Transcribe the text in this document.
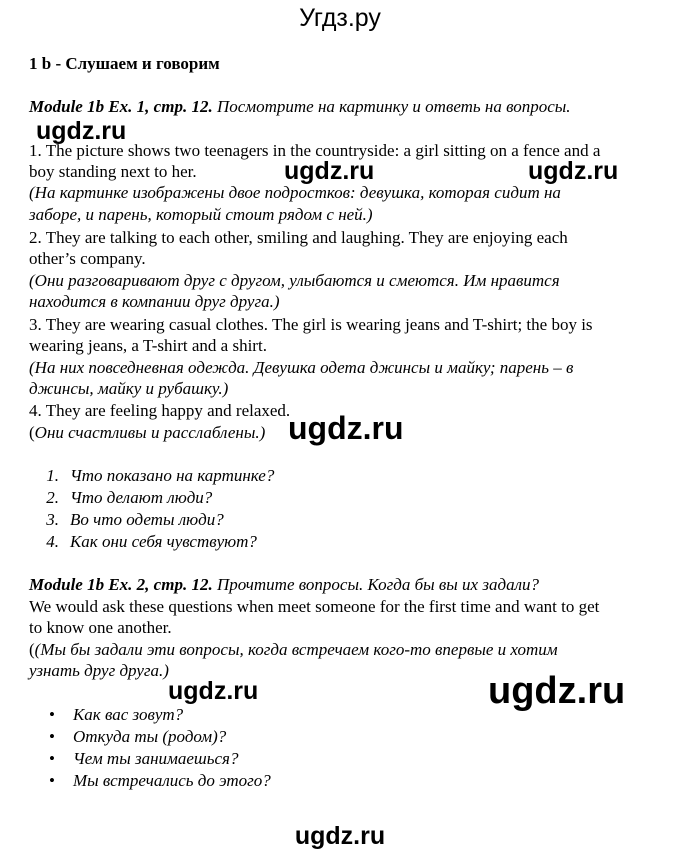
Угдз.ру
1 b - Слушаем и говорим
Module 1b Ex. 1, стр. 12. Посмотрите на картинку и ответь на вопросы.
ugdz.ru
1. The picture shows two teenagers in the countryside: a girl sitting on a fence and a
boy standing next to her.
(На картинке изображены двое подростков: девушка, которая сидит на
заборе, и парень, который стоит рядом с ней.)
2. They are talking to each other, smiling and laughing. They are enjoying each
other’s company.
(Они разговаривают друг с другом, улыбаются и смеются. Им нравится
находится в компании друг друга.)
3. They are wearing casual clothes. The girl is wearing jeans and T-shirt; the boy is
wearing jeans, a T-shirt and a shirt.
(На них повседневная одежда. Девушка одета джинсы и майку; парень – в
джинсы, майку и рубашку.)
4. They are feeling happy and relaxed.
(Они счастливы и расслаблены.)
ugdz.ru	ugdz.ru
ugdz.ru
1. Что показано на картинке?
2. Что делают люди?
3. Во что одеты люди?
4. Как они себя чувствуют?
Module 1b Ex. 2, стр. 12. Прочтите вопросы. Когда бы вы их задали?
We would ask these questions when meet someone for the first time and want to get
to know one another.
((Мы бы задали эти вопросы, когда встречаем кого-то впервые и хотим
узнать друг друга.)
ugdz.ru	ugdz.ru
• Как вас зовут?
• Откуда ты (родом)?
• Чем ты занимаешься?
• Мы встречались до этого?
ugdz.ru
